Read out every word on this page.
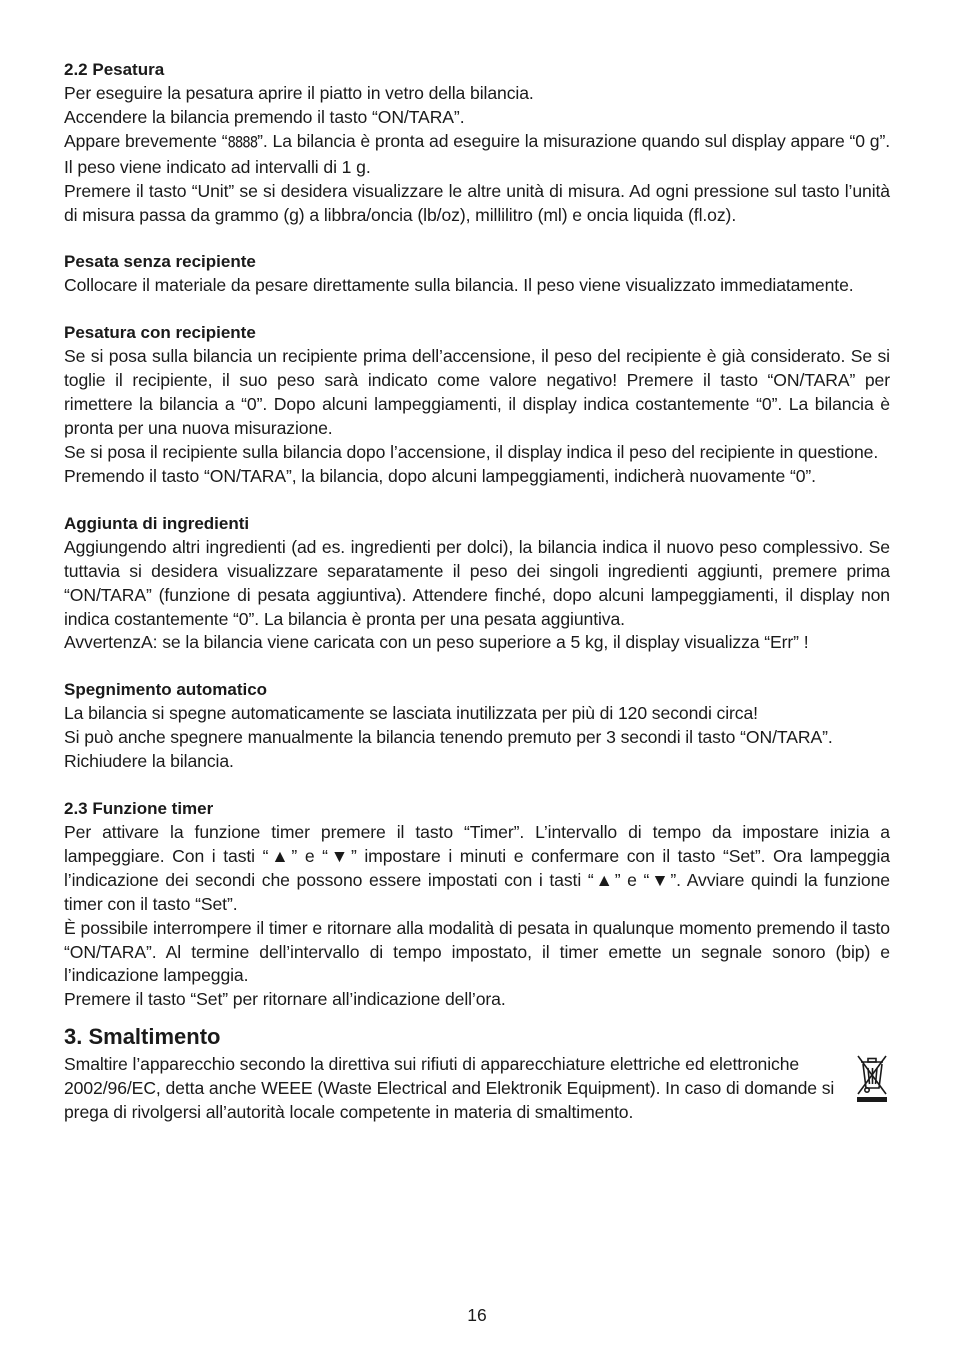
2.2 Pesatura

Per eseguire la pesatura aprire il piatto in vetro della bilancia.

Accendere la bilancia premendo il tasto “ON/TARA”.

Appare brevemente “8888”. La bilancia è pronta ad eseguire la misurazione quando sul display appare “0 g”. Il peso viene indicato ad intervalli di 1 g.

Premere il tasto “Unit” se si desidera visualizzare le altre unità di misura. Ad ogni pressione sul tasto l’unità di misura passa da grammo (g) a libbra/oncia (lb/oz), millilitro (ml) e oncia liquida (fl.oz).

Pesata senza recipiente

Collocare il materiale da pesare direttamente sulla bilancia. Il peso viene visualizzato immediatamente.

Pesatura con recipiente

Se si posa sulla bilancia un recipiente prima dell’accensione, il peso del recipiente è già considerato. Se si toglie il recipiente, il suo peso sarà indicato come valore negativo! Premere il tasto “ON/TARA” per rimettere la bilancia a “0”. Dopo alcuni lampeggiamenti, il display indica costantemente “0”. La bilancia è pronta per una nuova misurazione.

Se si posa il recipiente sulla bilancia dopo l’accensione, il display indica il peso del recipiente in questione.

Premendo il tasto “ON/TARA”, la bilancia, dopo alcuni lampeggiamenti, indicherà nuovamente “0”.

Aggiunta di ingredienti

Aggiungendo altri ingredienti (ad es. ingredienti per dolci), la bilancia indica il nuovo peso complessivo. Se tuttavia si desidera visualizzare separatamente il peso dei singoli ingredienti aggiunti, premere prima “ON/TARA” (funzione di pesata aggiuntiva). Attendere finché, dopo alcuni lampeggiamenti, il display non indica costantemente “0”. La bilancia è pronta per una pesata aggiuntiva.

AvvertenzA: se la bilancia viene caricata con un peso superiore a 5 kg, il display visualizza “Err” !

Spegnimento automatico

La bilancia si spegne automaticamente se lasciata inutilizzata per più di 120 secondi circa!

Si può anche spegnere manualmente la bilancia tenendo premuto per 3 secondi il tasto “ON/TARA”.

Richiudere la bilancia.

2.3 Funzione timer

Per attivare la funzione timer premere il tasto “Timer”. L’intervallo di tempo da impostare inizia a lampeggiare. Con i tasti “▲” e “▼” impostare i minuti e confermare con il tasto “Set”. Ora lampeggia l’indicazione dei secondi che possono essere impostati con i tasti “▲” e “▼”. Avviare quindi la funzione timer con il tasto “Set”.

È possibile interrompere il timer e ritornare alla modalità di pesata in qualunque momento premendo il tasto “ON/TARA”. Al termine dell’intervallo di tempo impostato, il timer emette un segnale sonoro (bip) e l’indicazione lampeggia.

Premere il tasto “Set” per ritornare all’indicazione dell’ora.

3. Smaltimento

Smaltire l’apparecchio secondo la direttiva sui rifiuti di apparecchiature elettriche ed elettroniche 2002/96/EC, detta anche WEEE (Waste Electrical and Elektronik Equipment). In caso di domande si prega di rivolgersi all’autorità locale competente in materia di smaltimento.

16
